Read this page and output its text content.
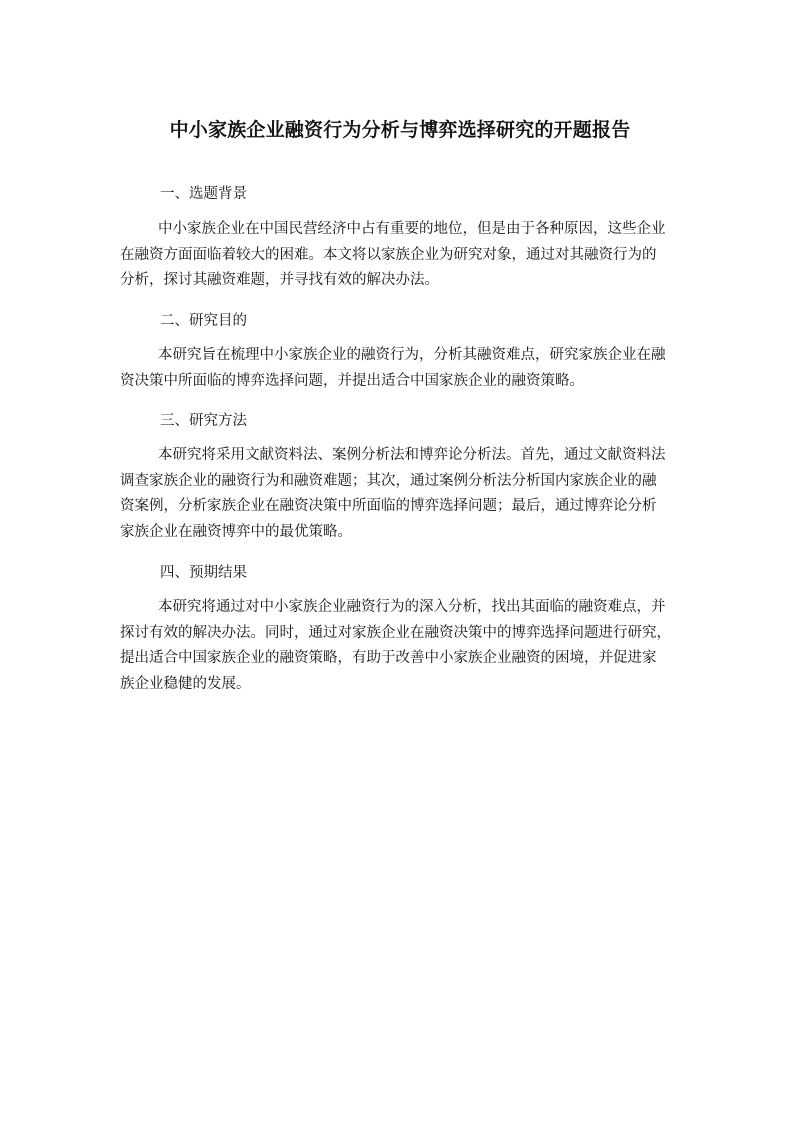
中小家族企业融资行为分析与博弈选择研究的开题报告
一、选题背景

中小家族企业在中国民营经济中占有重要的地位，但是由于各种原因，这些企业
在融资方面面临着较大的困难。本文将以家族企业为研究对象，通过对其融资行为的
分析，探讨其融资难题，并寻找有效的解决办法。

二、研究目的

本研究旨在梳理中小家族企业的融资行为，分析其融资难点，研究家族企业在融
资决策中所面临的博弈选择问题，并提出适合中国家族企业的融资策略。

三、研究方法

本研究将采用文献资料法、案例分析法和博弈论分析法。首先，通过文献资料法
调查家族企业的融资行为和融资难题；其次，通过案例分析法分析国内家族企业的融
资案例，分析家族企业在融资决策中所面临的博弈选择问题；最后，通过博弈论分析
家族企业在融资博弈中的最优策略。

四、预期结果

本研究将通过对中小家族企业融资行为的深入分析，找出其面临的融资难点，并
探讨有效的解决办法。同时，通过对家族企业在融资决策中的博弈选择问题进行研究，
提出适合中国家族企业的融资策略，有助于改善中小家族企业融资的困境，并促进家
族企业稳健的发展。
